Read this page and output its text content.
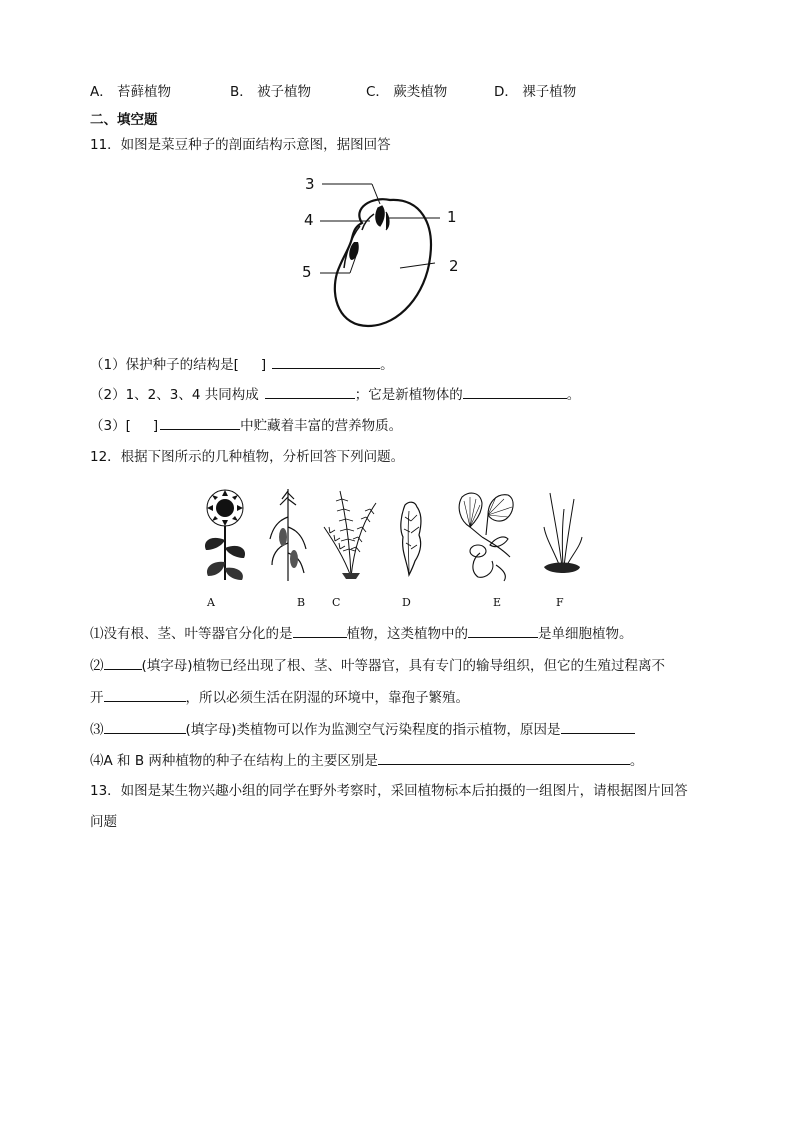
A． 苔藓植物	B． 被子植物	C． 蕨类植物	D． 裸子植物
二、填空题
11．如图是菜豆种子的剖面结构示意图，据图回答
3
4	1
5	2
（1）保护种子的结构是[ ]	。
（2）1、2、3、4 共同构成	；它是新植物体的	。
（3）[ ]	中贮藏着丰富的营养物质。
12．根据下图所示的几种植物，分析回答下列问题。
A	B C	D	E	F
⑴没有根、茎、叶等器官分化的是	植物，这类植物中的	是单细胞植物。
⑵	(填字母)植物已经出现了根、茎、叶等器官，具有专门的输导组织，但它的生殖过程离不
开	，所以必须生活在阴湿的环境中，靠孢子繁殖。
⑶	(填字母)类植物可以作为监测空气污染程度的指示植物，原因是
⑷A 和 B 两种植物的种子在结构上的主要区别是	。
13．如图是某生物兴趣小组的同学在野外考察时，采回植物标本后拍摄的一组图片，请根据图片回答
问题
